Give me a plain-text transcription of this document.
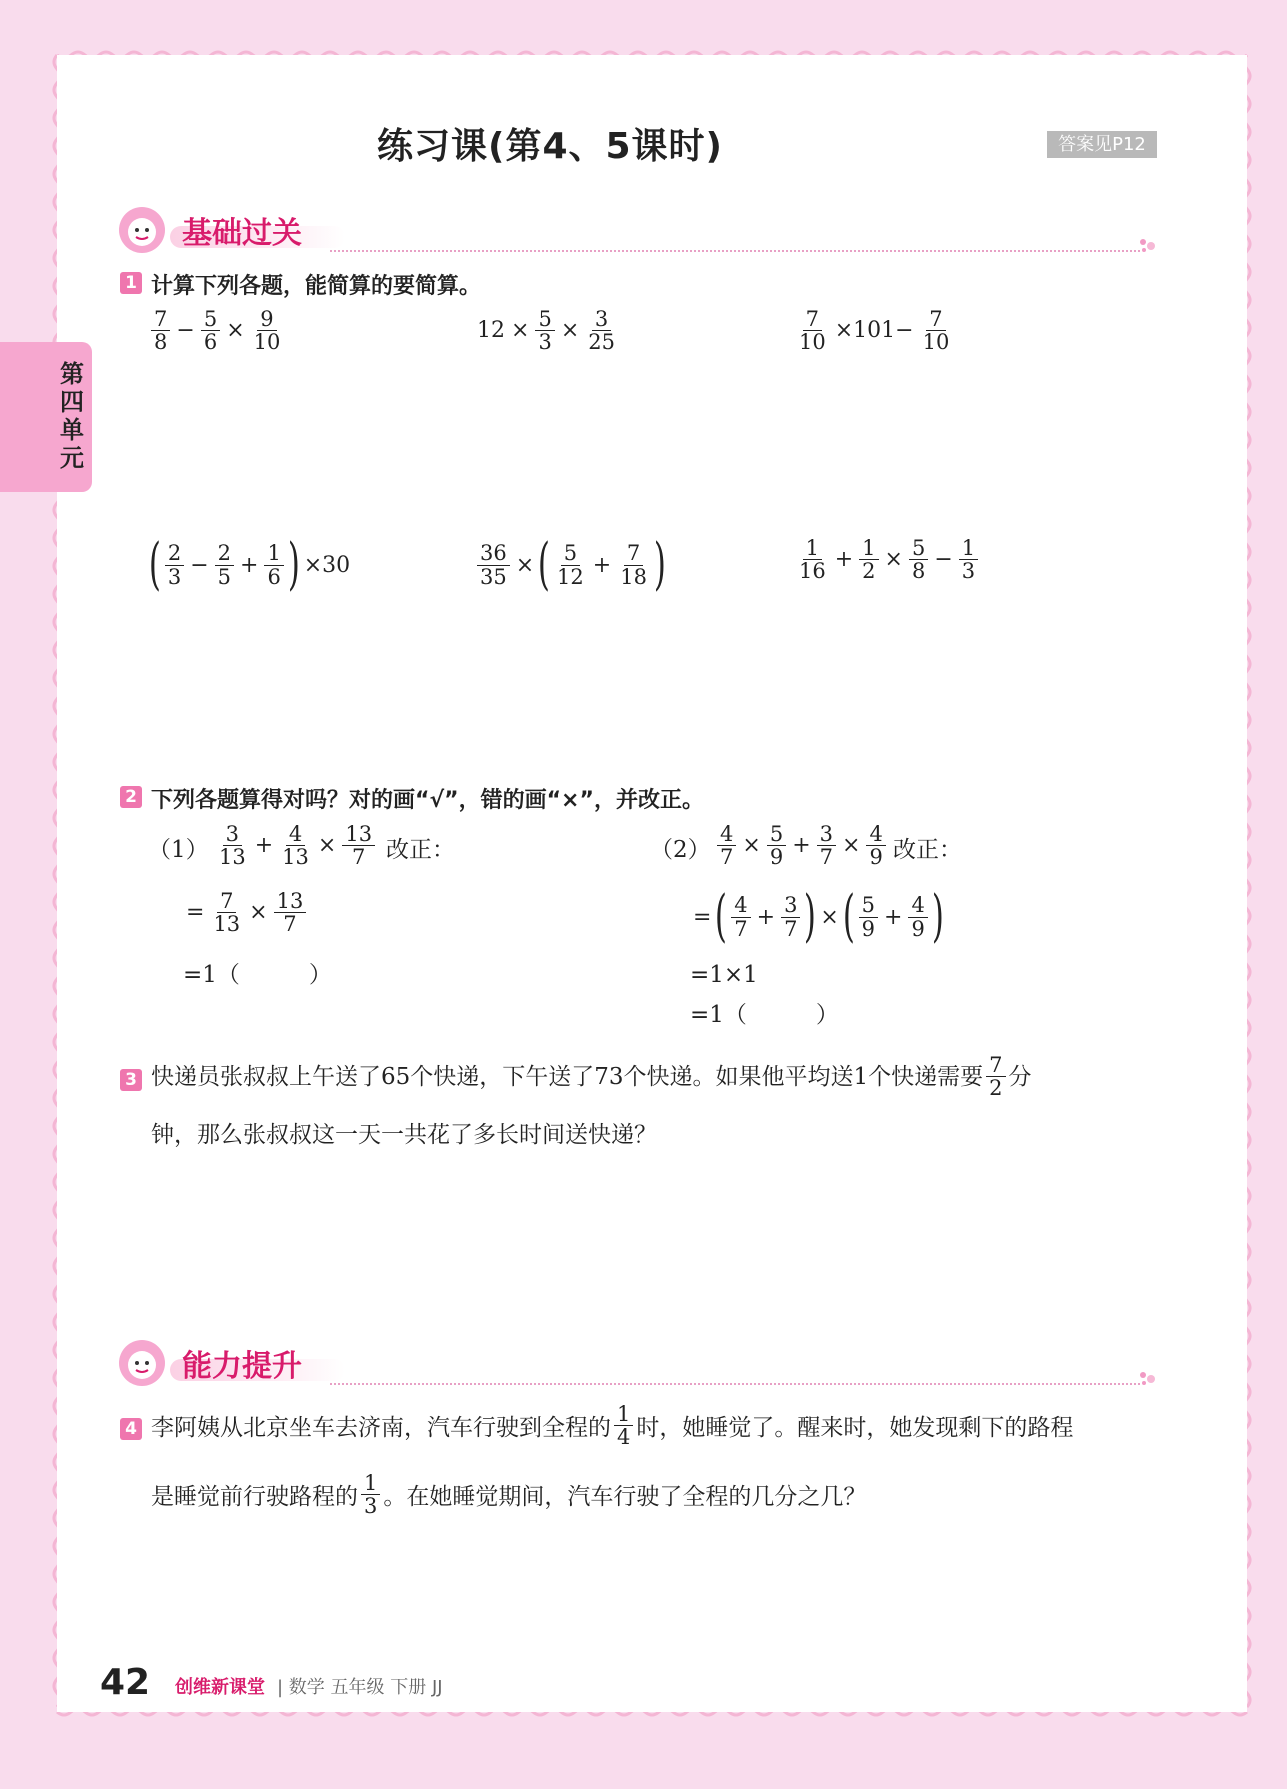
练习课(第4、5课时)	答案见P12
第四单元
基础过关
1 计算下列各题，能简算的要简算。
$\frac{7}{8} - \frac{5}{6} \times \frac{9}{10}$	$12 \times \frac{5}{3} \times \frac{3}{25}$	$\frac{7}{10} \times 101- \frac{7}{10}$
( $\frac{2}{3} - \frac{2}{5} + \frac{1}{6}$ ) ×30	$\frac{36}{35}$ × ( $\frac{5}{12} + \frac{7}{18}$ )	$\frac{1}{16} + \frac{1}{2} \times \frac{5}{8} - \frac{1}{3}$
2 下列各题算得对吗？对的画“√”，错的画“×”，并改正。
$(1) \frac{3}{13} + \frac{4}{13} \times \frac{13}{7}$ 改正：
= $\frac{7}{13} \times \frac{13}{7}$
=1（　　　）
$(2) \frac{4}{7} \times \frac{5}{9} + \frac{3}{7} \times \frac{4}{9}$ 改正：
= ( $\frac{4}{7} + \frac{3}{7}$ ) × ( $\frac{5}{9} + \frac{4}{9}$ )
=1×1
=1（　　　）
3 快递员张叔叔上午送了65个快递，下午送了73个快递。如果他平均送1个快递需要 $\frac{7}{2}$ 分
钟，那么张叔叔这一天一共花了多长时间送快递？
能力提升
4 李阿姨从北京坐车去济南，汽车行驶到全程的 $\frac{1}{4}$ 时，她睡觉了。醒来时，她发现剩下的路程
是睡觉前行驶路程的 $\frac{1}{3}$ 。在她睡觉期间，汽车行驶了全程的几分之几？
42 创维新课堂 | 数学 五年级 下册 JJ
